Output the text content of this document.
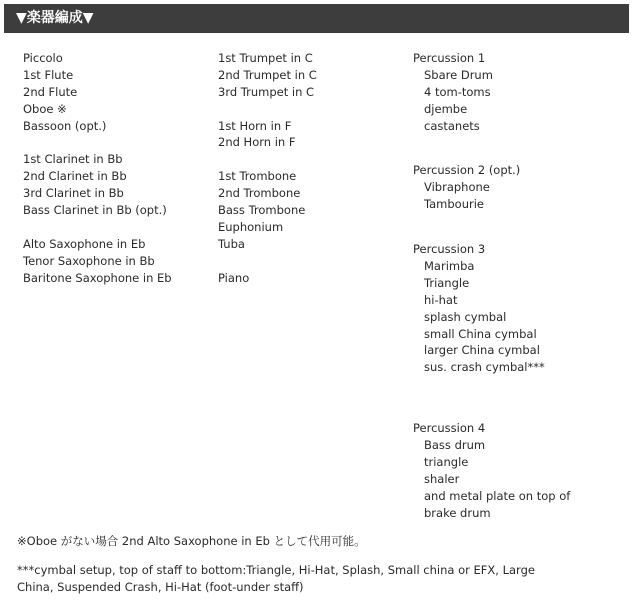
▼楽器編成▼
Piccolo
1st Flute
2nd Flute
Oboe ※
Bassoon (opt.)
1st Clarinet in Bb
2nd Clarinet in Bb
3rd Clarinet in Bb
Bass Clarinet in Bb (opt.)
Alto Saxophone in Eb
Tenor Saxophone in Bb
Baritone Saxophone in Eb
1st Trumpet in C
2nd Trumpet in C
3rd Trumpet in C
1st Horn in F
2nd Horn in F
1st Trombone
2nd Trombone
Bass Trombone
Euphonium
Tuba
Piano
Percussion 1
Sbare Drum
4 tom-toms
djembe
castanets
Percussion 2 (opt.)
Vibraphone
Tambourie
Percussion 3
Marimba
Triangle
hi-hat
splash cymbal
small China cymbal
larger China cymbal
sus. crash cymbal***
Percussion 4
Bass drum
triangle
shaler
and metal plate on top of
brake drum
※Oboe がない場合 2nd Alto Saxophone in Eb として代用可能。
***cymbal setup, top of staff to bottom:Triangle, Hi-Hat, Splash, Small china or EFX, Large
China, Suspended Crash, Hi-Hat (foot-under staff)
